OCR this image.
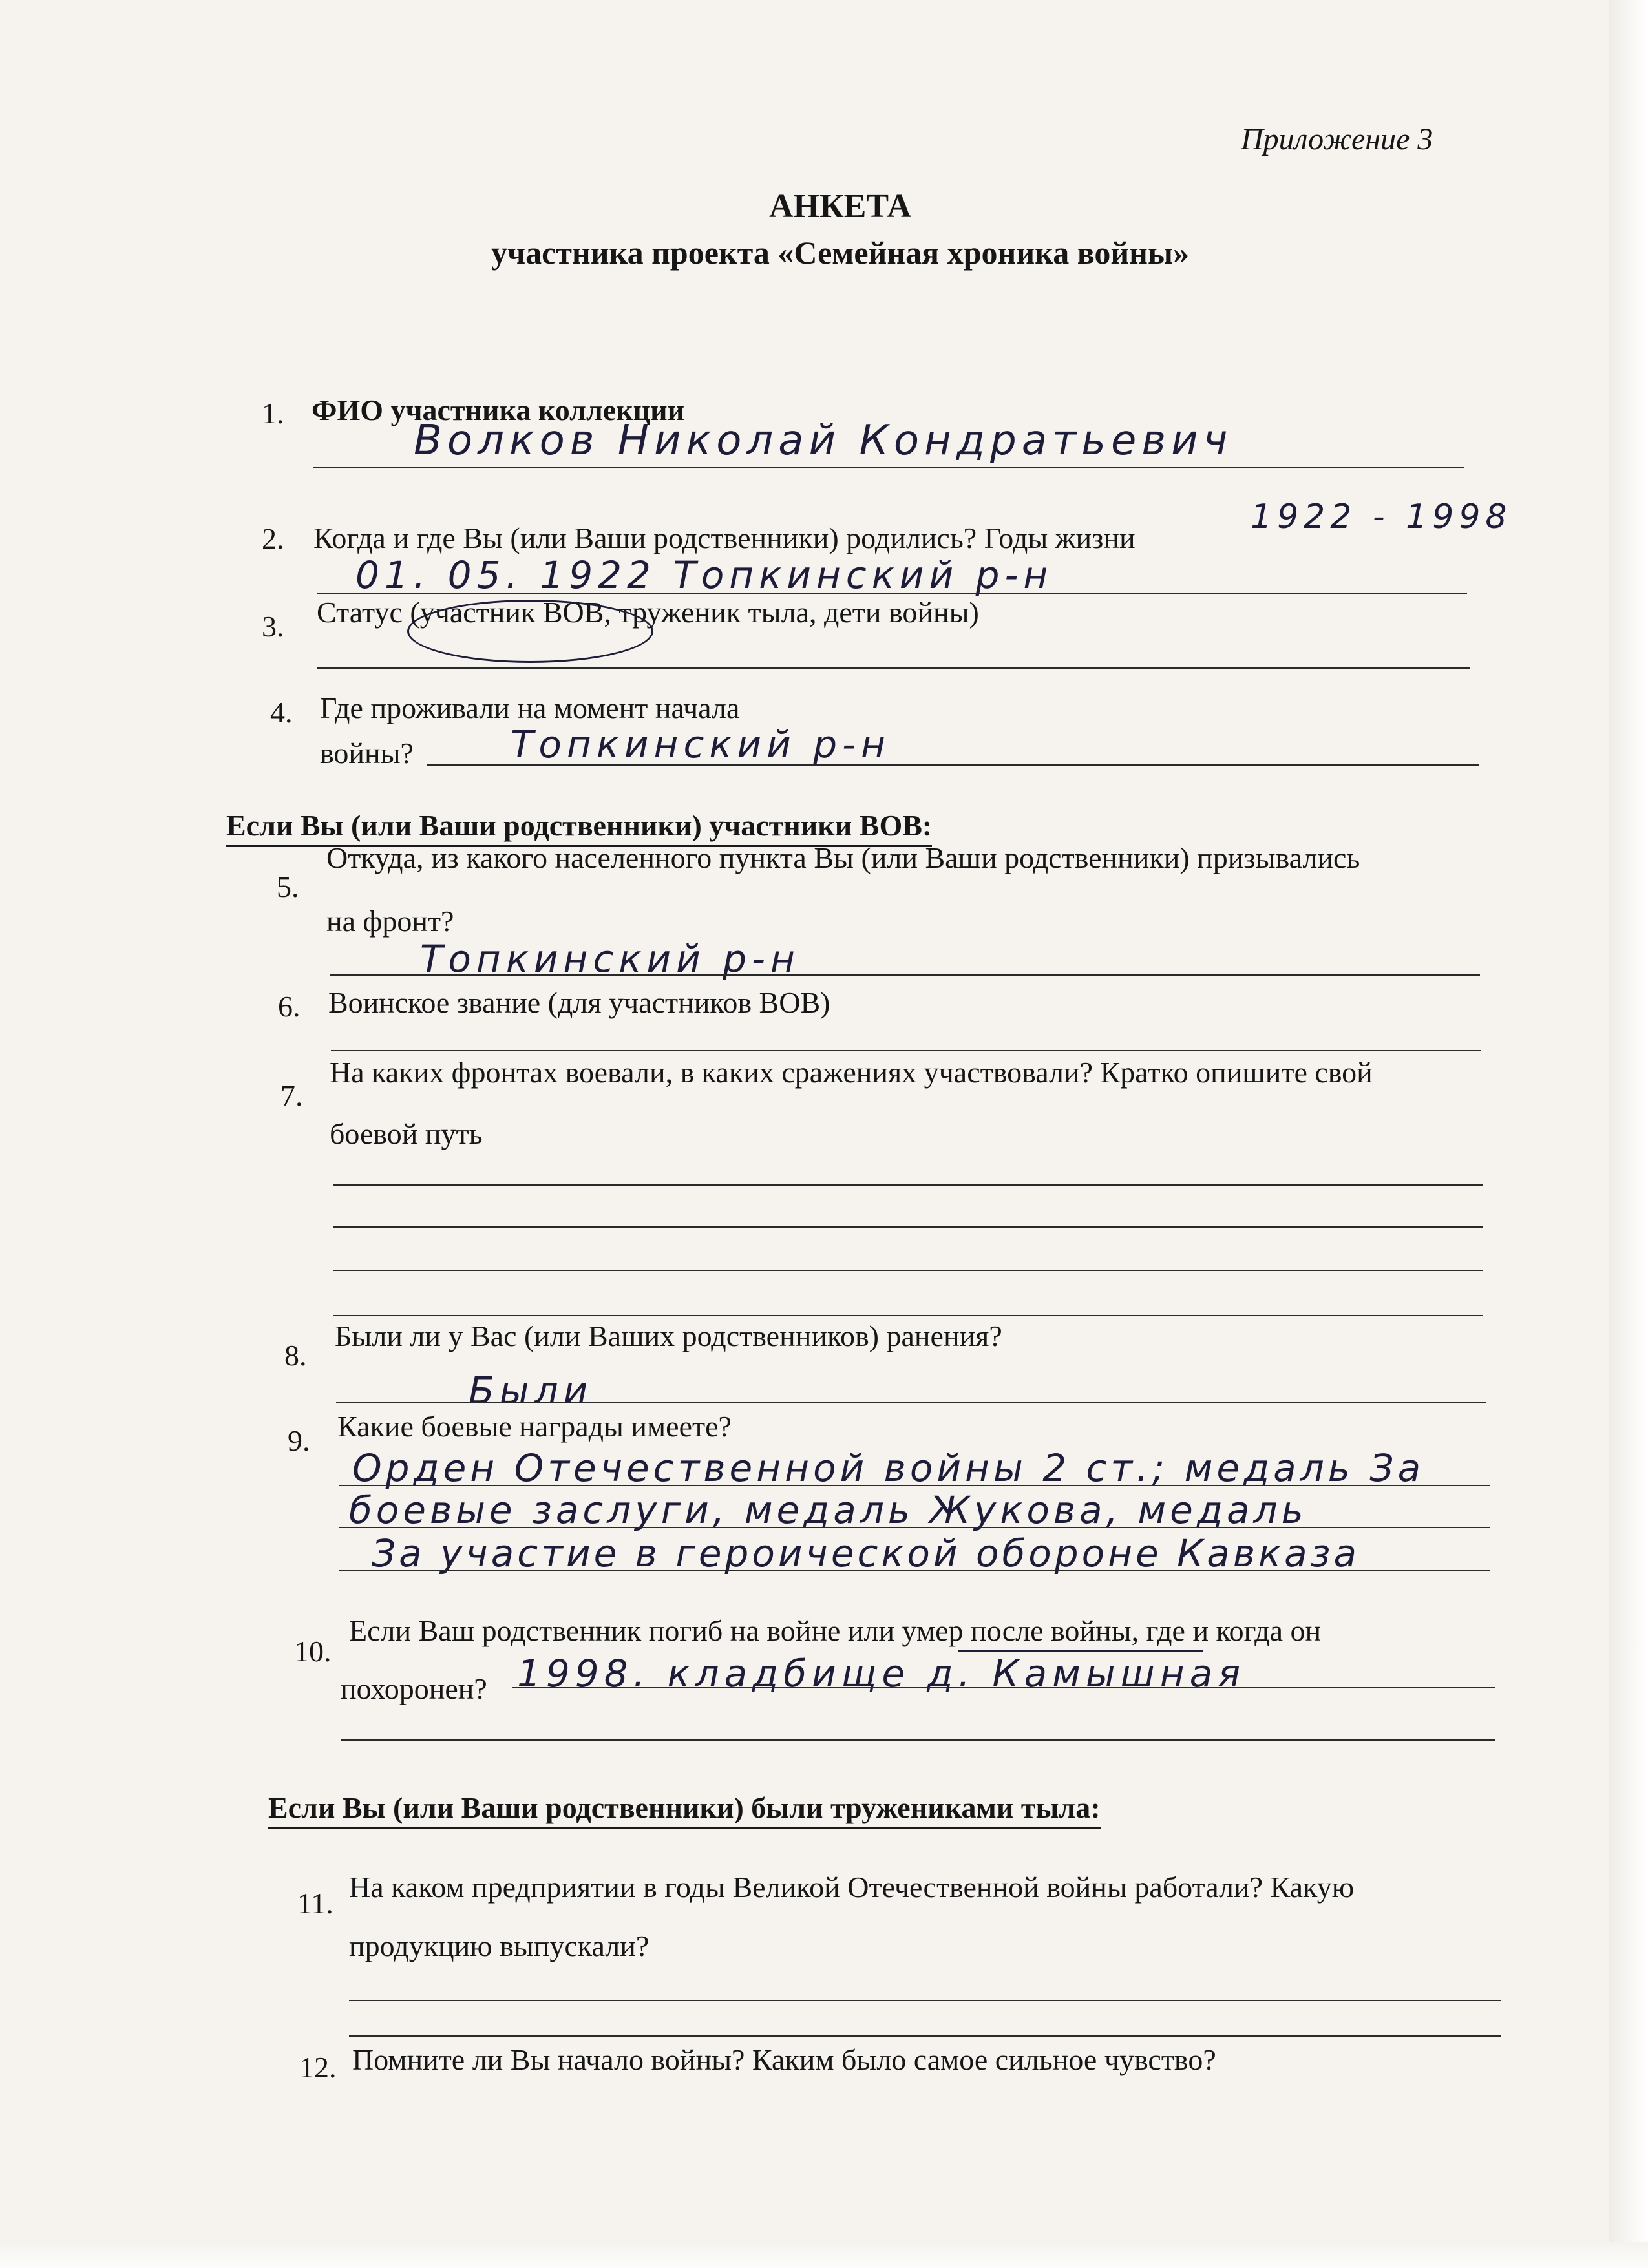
Приложение 3
АНКЕТА
участника проекта «Семейная хроника войны»
1. ФИО участника коллекции
Волков Николай Кондратьевич
2. Когда и где Вы (или Ваши родственники) родились? Годы жизни
1922 - 1998
01. 05. 1922 Топкинский р-н
3. Статус (участник ВОВ, труженик тыла, дети войны)
4. Где проживали на момент начала
войны?	Топкинский р-н
Если Вы (или Ваши родственники) участники ВОВ:
5.
Откуда, из какого населенного пункта Вы (или Ваши родственники) призывались
на фронт?
Топкинский р-н
6. Воинское звание (для участников ВОВ)
7.
На каких фронтах воевали, в каких сражениях участвовали? Кратко опишите свой
боевой путь
8.
Были ли у Вас (или Ваших родственников) ранения?
Были
9. Какие боевые награды имеете?
Орден Отечественной войны 2 ст.; медаль За
боевые заслуги, медаль Жукова, медаль
За участие в героической обороне Кавказа
10.
Если Ваш родственник погиб на войне или умер после войны, где и когда он
похоронен? 1998. кладбище д. Камышная
Если Вы (или Ваши родственники) были тружениками тыла:
11. На каком предприятии в годы Великой Отечественной войны работали? Какую
продукцию выпускали?
12. Помните ли Вы начало войны? Каким было самое сильное чувство?
